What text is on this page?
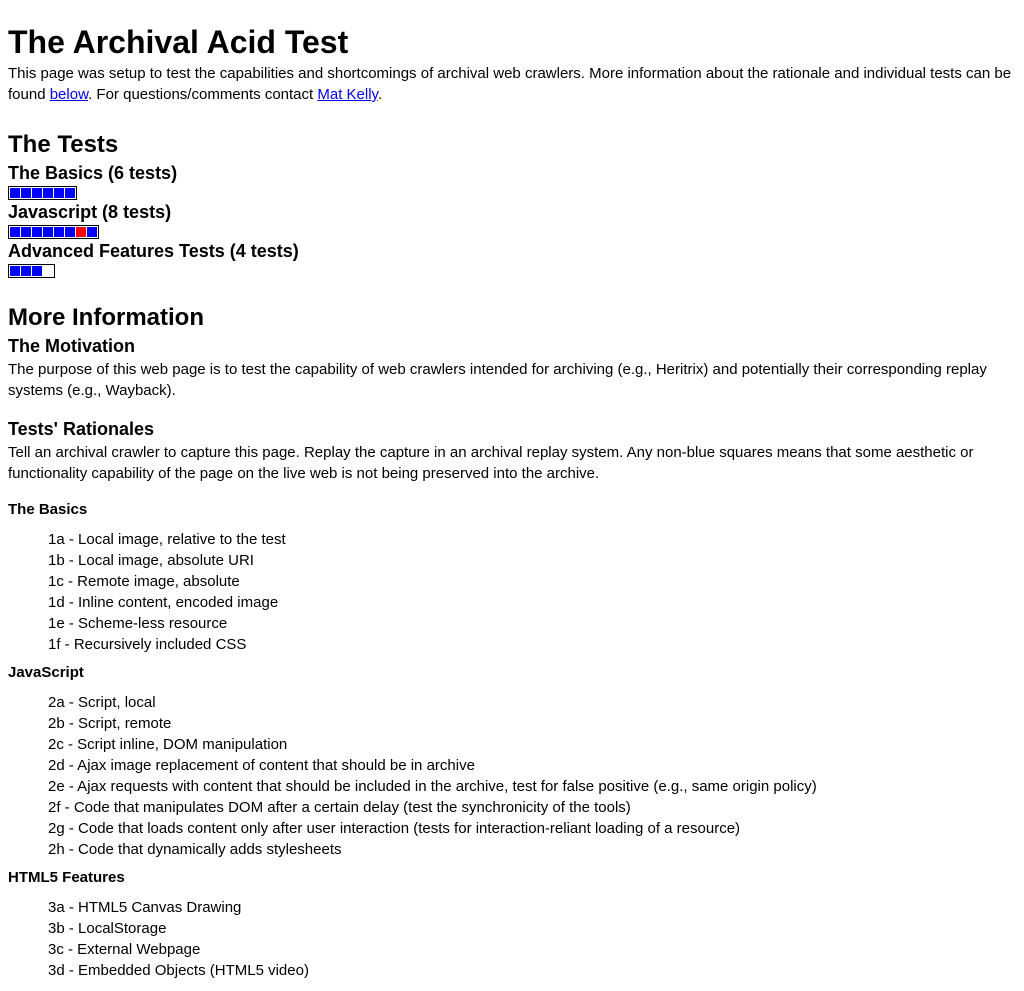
The Archival Acid Test

This page was setup to test the capabilities and shortcomings of archival web crawlers. More information about the rationale and individual tests can be found below. For questions/comments contact Mat Kelly.

The Tests
The Basics (6 tests)
Javascript (8 tests)
Advanced Features Tests (4 tests)
More Information
The Motivation

The purpose of this web page is to test the capability of web crawlers intended for archiving (e.g., Heritrix) and potentially their corresponding replay systems (e.g., Wayback).

Tests' Rationales

Tell an archival crawler to capture this page. Replay the capture in an archival replay system. Any non-blue squares means that some aesthetic or functionality capability of the page on the live web is not being preserved into the archive.

The Basics
1a - Local image, relative to the test
1b - Local image, absolute URI
1c - Remote image, absolute
1d - Inline content, encoded image
1e - Scheme-less resource
1f - Recursively included CSS
JavaScript
2a - Script, local
2b - Script, remote
2c - Script inline, DOM manipulation
2d - Ajax image replacement of content that should be in archive
2e - Ajax requests with content that should be included in the archive, test for false positive (e.g., same origin policy)
2f - Code that manipulates DOM after a certain delay (test the synchronicity of the tools)
2g - Code that loads content only after user interaction (tests for interaction-reliant loading of a resource)
2h - Code that dynamically adds stylesheets
HTML5 Features
3a - HTML5 Canvas Drawing
3b - LocalStorage
3c - External Webpage
3d - Embedded Objects (HTML5 video)
